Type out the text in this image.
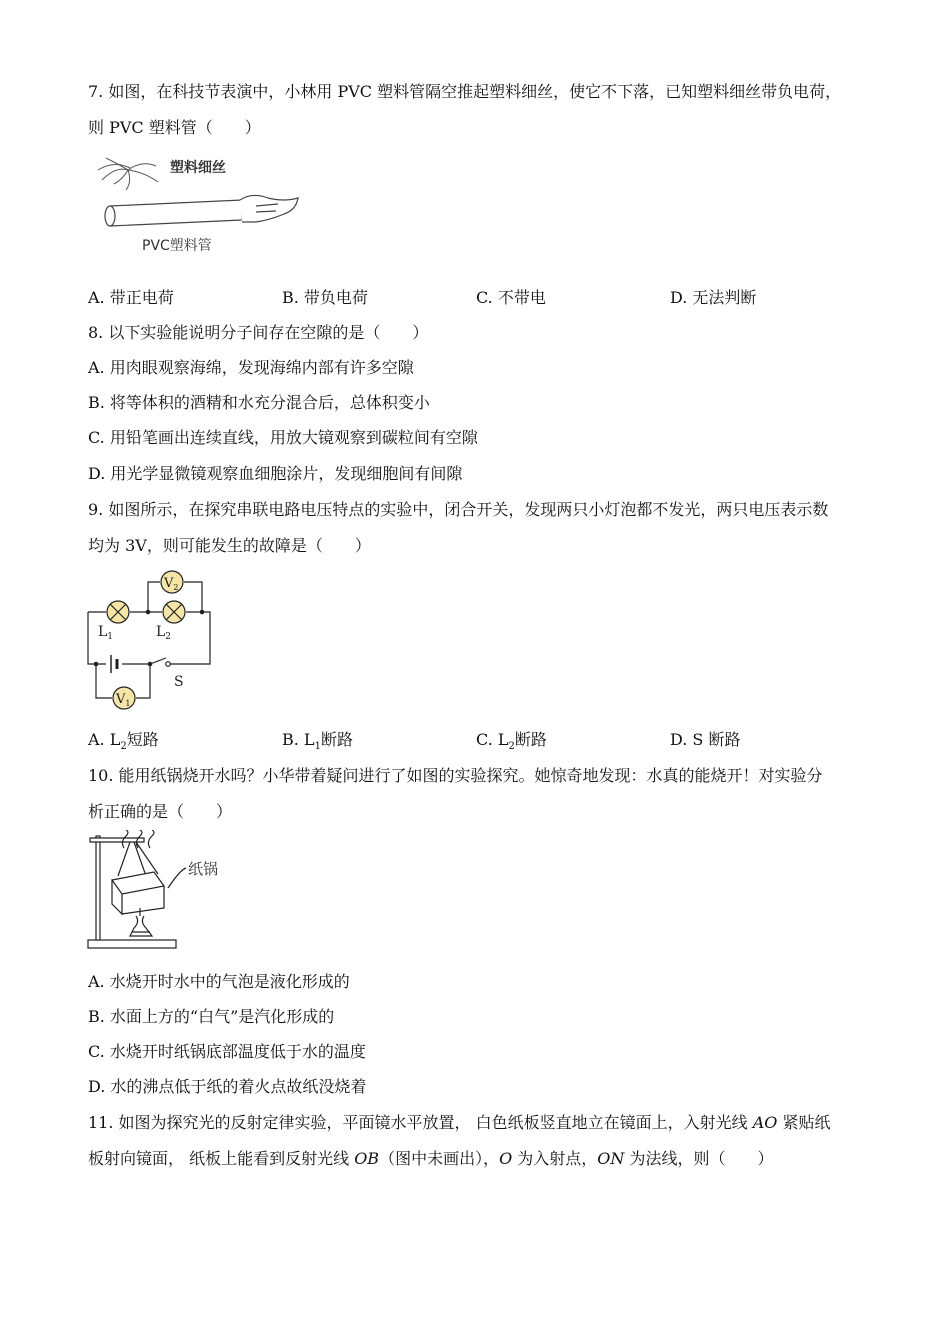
7. 如图，在科技节表演中，小林用 PVC 塑料管隔空推起塑料细丝，使它不下落，已知塑料细丝带负电荷，
则 PVC 塑料管（　　）
塑料细丝
PVC塑料管
A. 带正电荷	B. 带负电荷	C. 不带电	D. 无法判断
8. 以下实验能说明分子间存在空隙的是（　　）
A. 用肉眼观察海绵，发现海绵内部有许多空隙
B. 将等体积的酒精和水充分混合后，总体积变小
C. 用铅笔画出连续直线，用放大镜观察到碳粒间有空隙
D. 用光学显微镜观察血细胞涂片，发现细胞间有间隙
9. 如图所示，在探究串联电路电压特点的实验中，闭合开关，发现两只小灯泡都不发光，两只电压表示数
均为 3V，则可能发生的故障是（　　）
$V_2$
$V_1$
$L_1$	$L_2$
S
A. $L_2$短路	B. $L_1$断路	C. $L_2$断路	D. S 断路
10. 能用纸锅烧开水吗？小华带着疑问进行了如图的实验探究。她惊奇地发现：水真的能烧开！对实验分
析正确的是（　　）
纸锅
A. 水烧开时水中的气泡是液化形成的
B. 水面上方的“白气”是汽化形成的
C. 水烧开时纸锅底部温度低于水的温度
D. 水的沸点低于纸的着火点故纸没烧着
11. 如图为探究光的反射定律实验，平面镜水平放置， 白色纸板竖直地立在镜面上，入射光线 AO 紧贴纸
板射向镜面， 纸板上能看到反射光线 OB（图中未画出），O 为入射点，ON 为法线，则（　　）
